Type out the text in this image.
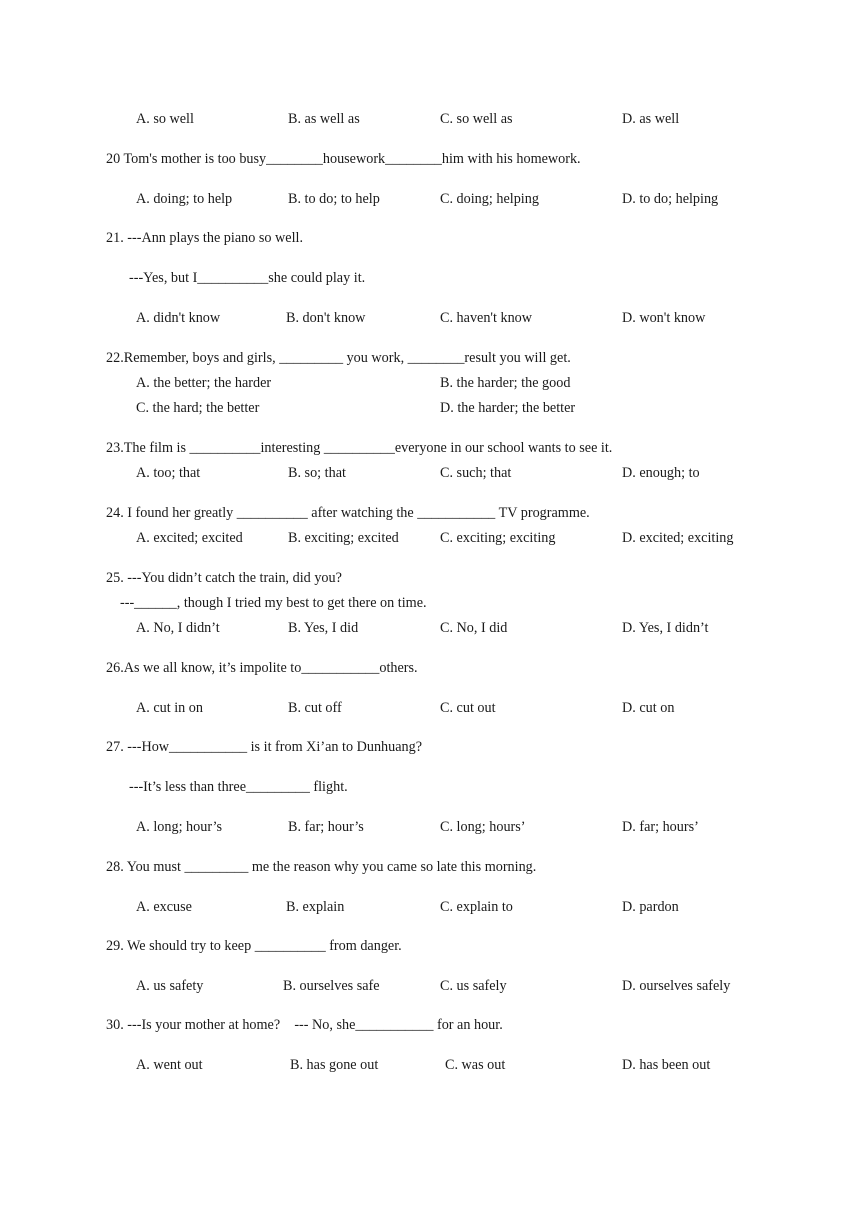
A. so well	B. as well as	C. so well as	D. as well
20 Tom's mother is too busy________housework________him with his homework.
A. doing; to help	B. to do; to help	C. doing; helping	D. to do; helping
21. ---Ann plays the piano so well.
---Yes, but I__________she could play it.
A. didn't know	B. don't know	C. haven't know	D. won't know
22.Remember, boys and girls, _________ you work, ________result you will get.
A. the better; the harder	B. the harder; the good
C. the hard; the better	D. the harder; the better
23.The film is __________interesting __________everyone in our school wants to see it.
A. too; that	B. so; that	C. such; that	D. enough; to
24. I found her greatly __________ after watching the ___________ TV programme.
A. excited; excited	B. exciting; excited	C. exciting; exciting	D. excited; exciting
25. ---You didn’t catch the train, did you?
---______, though I tried my best to get there on time.
A. No, I didn’t	B. Yes, I did	C. No, I did	D. Yes, I didn’t
26.As we all know, it’s impolite to___________others.
A. cut in on	B. cut off	C. cut out	D. cut on
27. ---How___________ is it from Xi’an to Dunhuang?
---It’s less than three_________ flight.
A. long; hour’s	B. far; hour’s	C. long; hours’	D. far; hours’
28. You must _________ me the reason why you came so late this morning.
A. excuse	B. explain	C. explain to	D. pardon
29. We should try to keep __________ from danger.
A. us safety	B. ourselves safe	C. us safely	D. ourselves safely
30. ---Is your mother at home?    --- No, she___________ for an hour.
A. went out	B. has gone out	C. was out	D. has been out
